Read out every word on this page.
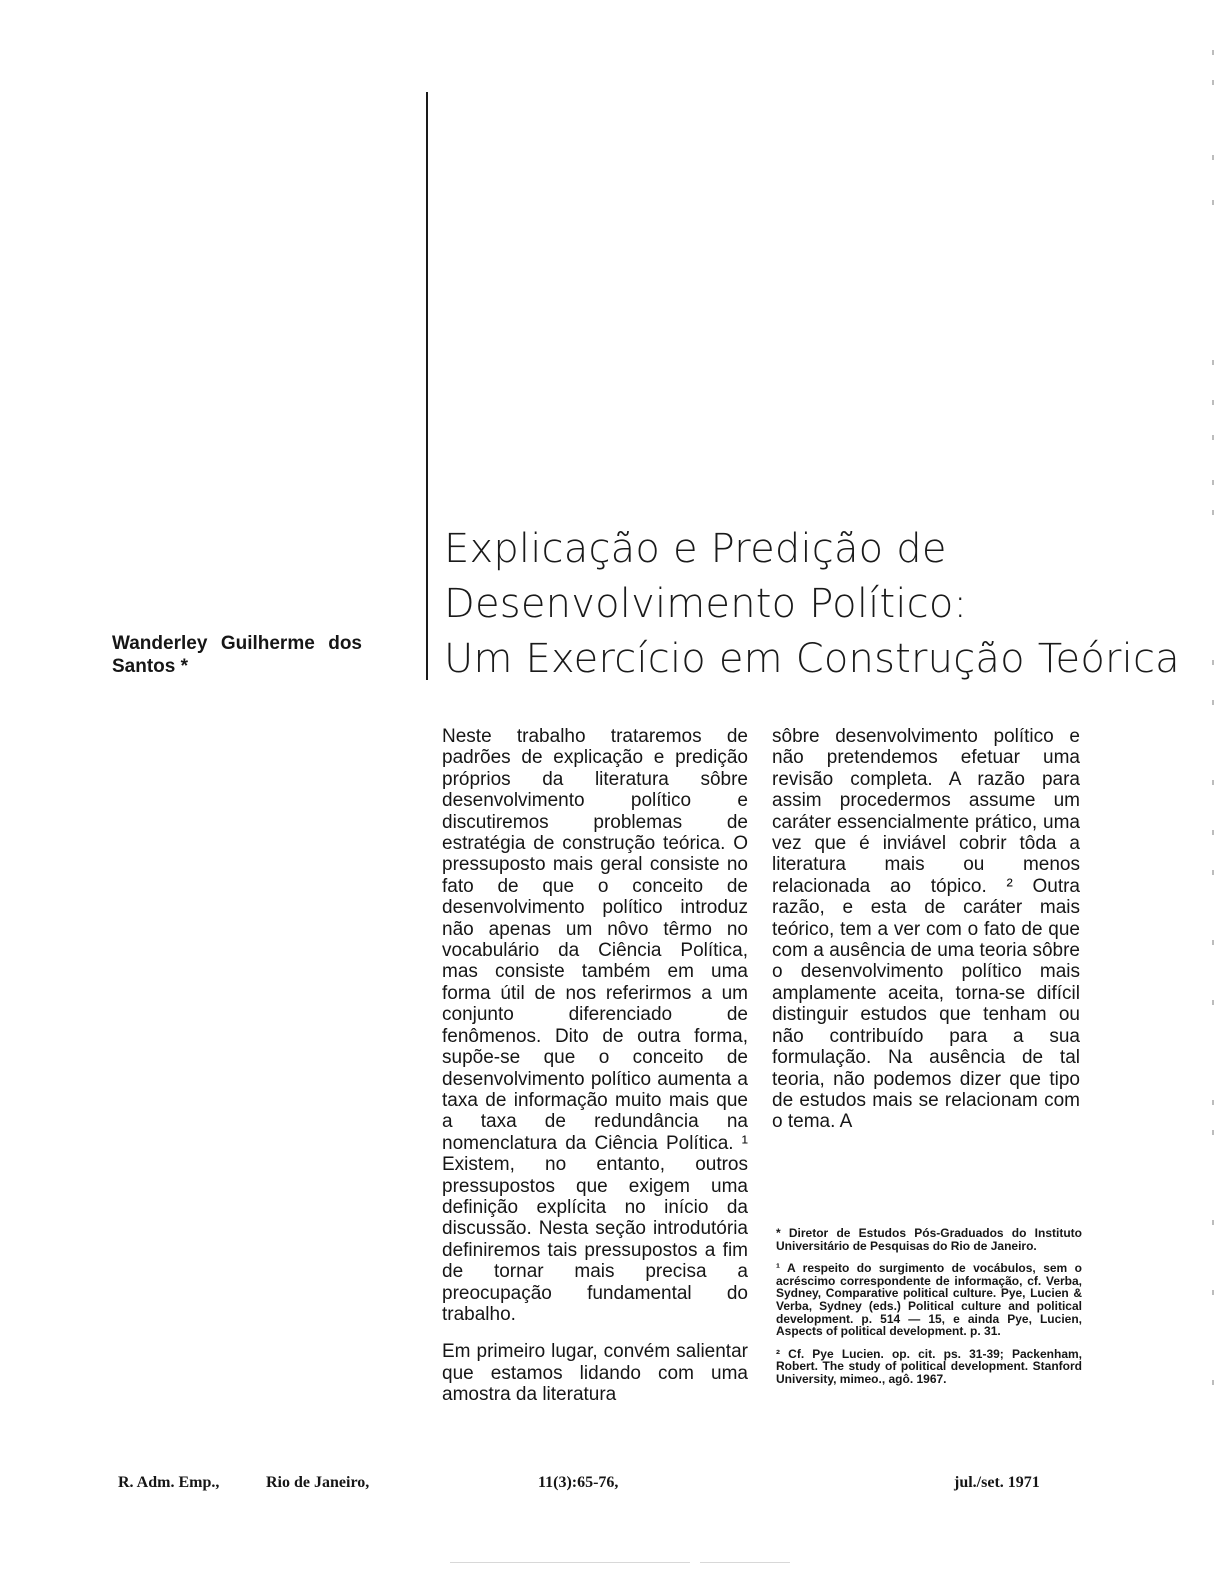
Wanderley Guilherme dos Santos *
Explicação e Predição de
Desenvolvimento Político:
Um Exercício em Construção Teórica

Neste trabalho trataremos de padrões de explicação e predição próprios da literatura sôbre desenvolvimento político e discutiremos problemas de estratégia de construção teórica. O pressuposto mais geral consiste no fato de que o conceito de desenvolvimento político introduz não apenas um nôvo têrmo no vocabulário da Ciência Política, mas consiste também em uma forma útil de nos referirmos a um conjunto diferenciado de fenômenos. Dito de outra forma, supõe-se que o conceito de desenvolvimento político aumenta a taxa de informação muito mais que a taxa de redundância na nomenclatura da Ciência Política. ¹ Existem, no entanto, outros pressupostos que exigem uma definição explícita no início da discussão. Nesta seção introdutória definiremos tais pressupostos a fim de tornar mais precisa a preocupação fundamental do trabalho.

Em primeiro lugar, convém salientar que estamos lidando com uma amostra da literatura

sôbre desenvolvimento político e não pretendemos efetuar uma revisão completa. A razão para assim procedermos assume um caráter essencialmente prático, uma vez que é inviável cobrir tôda a literatura mais ou menos relacionada ao tópico. ² Outra razão, e esta de caráter mais teórico, tem a ver com o fato de que com a ausência de uma teoria sôbre o desenvolvimento político mais amplamente aceita, torna-se difícil distinguir estudos que tenham ou não contribuído para a sua formulação. Na ausência de tal teoria, não podemos dizer que tipo de estudos mais se relacionam com o tema. A

* Diretor de Estudos Pós-Graduados do Instituto Universitário de Pesquisas do Rio de Janeiro.

¹ A respeito do surgimento de vocábulos, sem o acréscimo correspondente de informação, cf. Verba, Sydney, Comparative political culture. Pye, Lucien & Verba, Sydney (eds.) Political culture and political development. p. 514 — 15, e ainda Pye, Lucien, Aspects of political development. p. 31.

² Cf. Pye Lucien. op. cit. ps. 31-39; Packenham, Robert. The study of political development. Stanford University, mimeo., agô. 1967.

R. Adm. Emp.,	Rio de Janeiro,	11(3):65-76,	jul./set. 1971
